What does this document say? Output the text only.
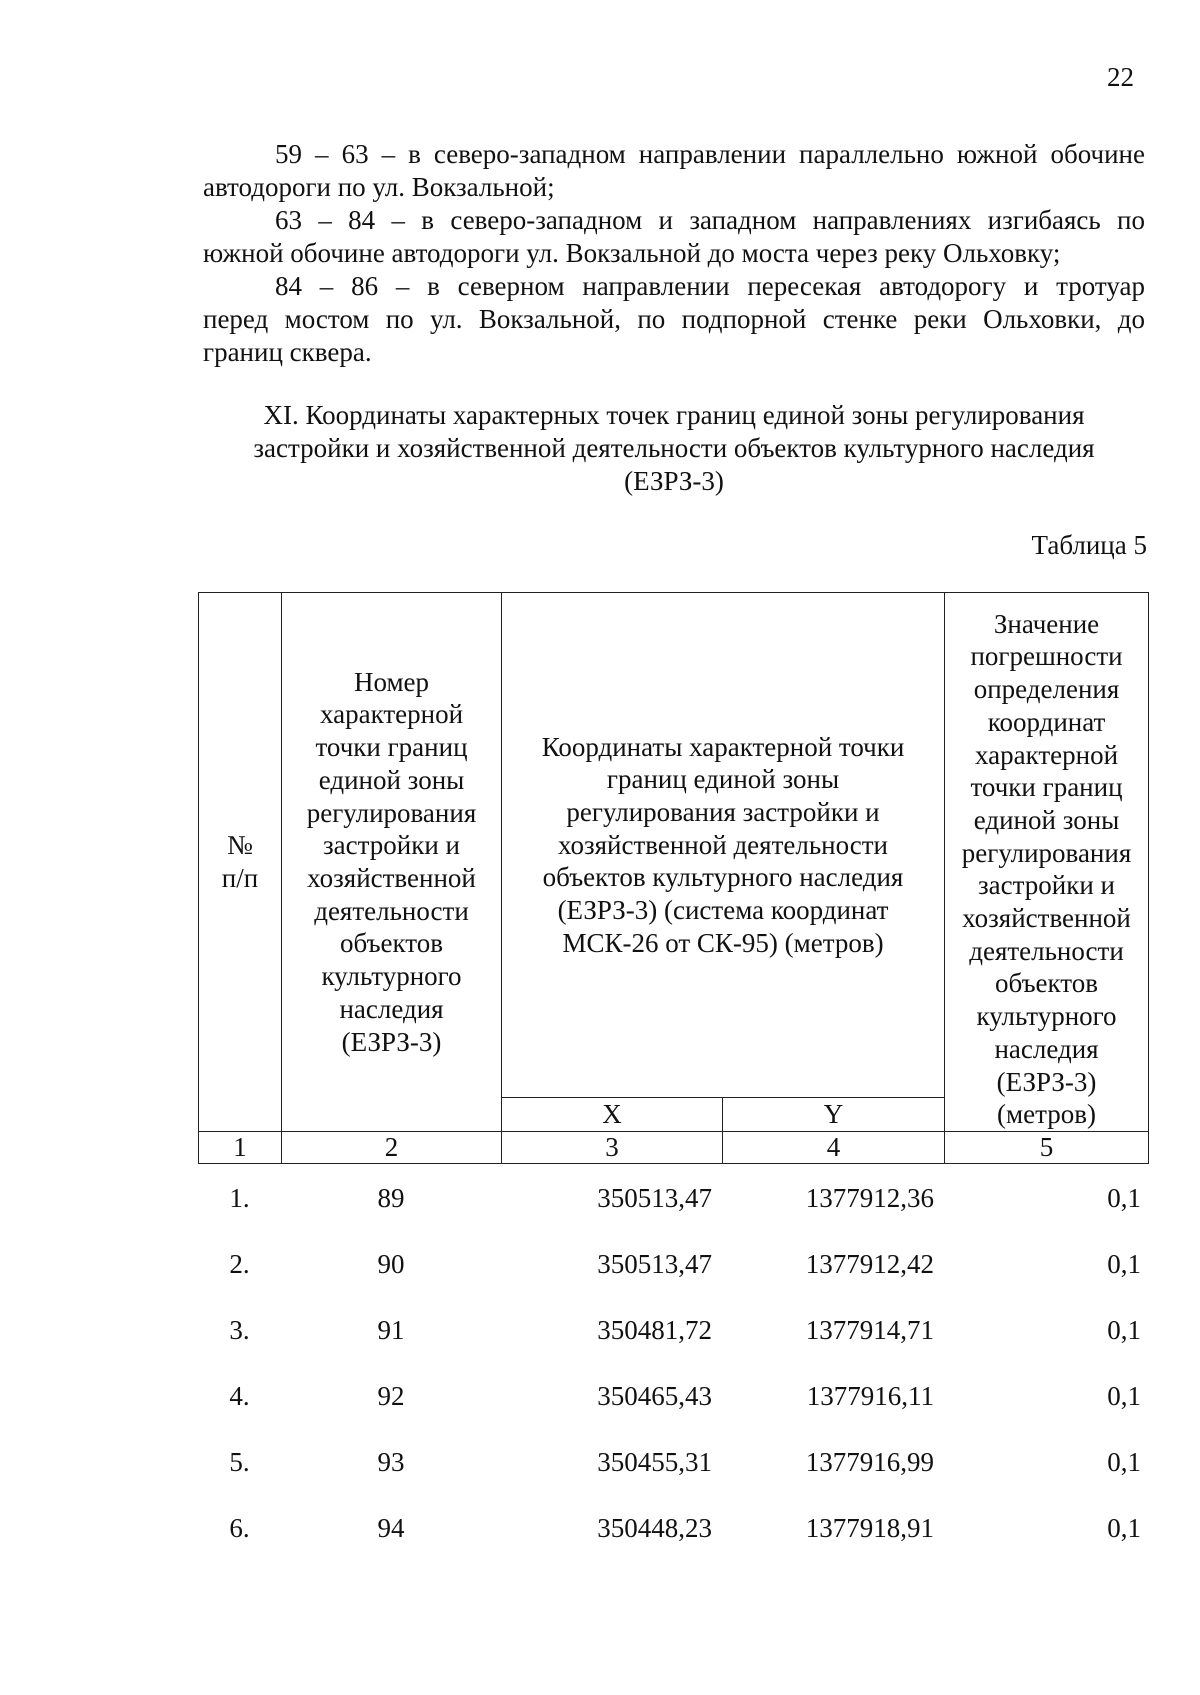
22

59 – 63 – в северо-западном направлении параллельно южной обочине

автодороги по ул. Вокзальной;

63 – 84 – в северо-западном и западном направлениях изгибаясь по

южной обочине автодороги ул. Вокзальной до моста через реку Ольховку;

84 – 86 – в северном направлении пересекая автодорогу и тротуар

перед мостом по ул. Вокзальной, по подпорной стенке реки Ольховки, до

границ сквера.

XI. Координаты характерных точек границ единой зоны регулирования
застройки и хозяйственной деятельности объектов культурного наследия
(ЕЗРЗ-3)
Таблица 5
№ п/п	Номер характерной точки границ единой зоны регулирования застройки и хозяйственной деятельности объектов культурного наследия (ЕЗРЗ-3)	Координаты характерной точки границ единой зоны регулирования застройки и хозяйственной деятельности объектов культурного наследия (ЕЗРЗ-3) (система координат МСК-26 от СК-95) (метров)		Значение погрешности определения координат характерной точки границ единой зоны регулирования застройки и хозяйственной деятельности объектов культурного наследия (ЕЗРЗ-3) (метров)
		X	Y	
1	2	3	4	5
1.	89	350513,47	1377912,36	0,1
2.	90	350513,47	1377912,42	0,1
3.	91	350481,72	1377914,71	0,1
4.	92	350465,43	1377916,11	0,1
5.	93	350455,31	1377916,99	0,1
6.	94	350448,23	1377918,91	0,1
